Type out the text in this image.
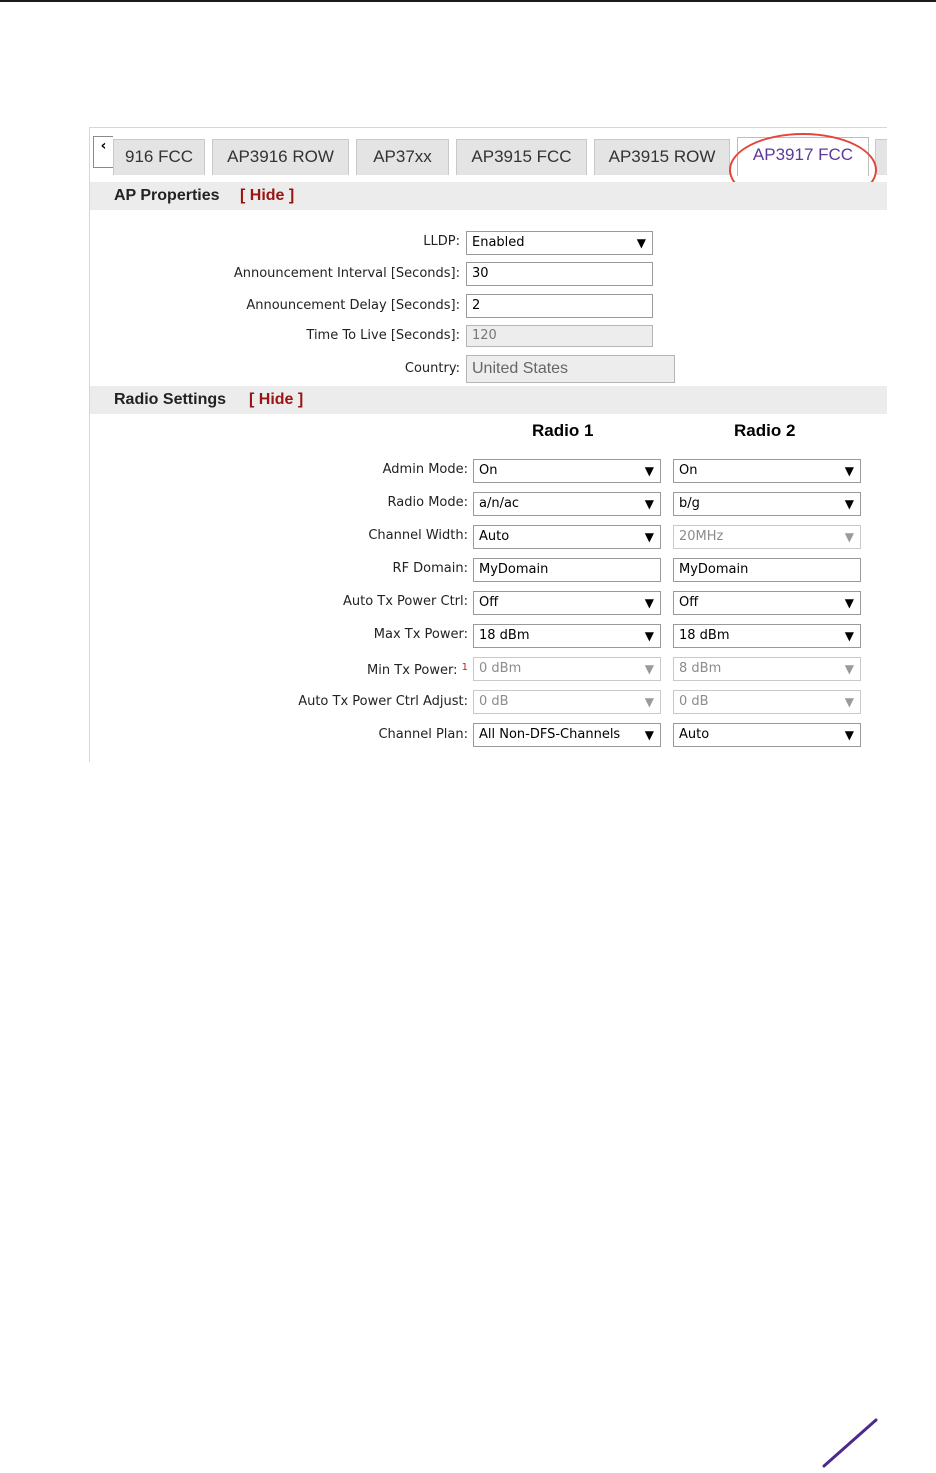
‹
916 FCC	AP3916 ROW	AP37xx	AP3915 FCC	AP3915 ROW	AP3917 FCC
AP Properties [ Hide ]
LLDP: Enabled	▼
Announcement Interval [Seconds]: 30
Announcement Delay [Seconds]: 2
Time To Live [Seconds]: 120
Country: United States
Radio Settings [ Hide ]
Radio 1	Radio 2
Admin Mode: On	▼ On	▼
Radio Mode: a/n/ac	▼ b/g	▼
Channel Width: Auto	▼ 20MHz	▼
RF Domain: MyDomain	MyDomain
Auto Tx Power Ctrl: Off	▼ Off	▼
Max Tx Power: 18 dBm	▼ 18 dBm	▼
Min Tx Power: $^1$ 0 dBm	▼ 8 dBm	▼
Auto Tx Power Ctrl Adjust: 0 dB	▼ 0 dB	▼
Channel Plan: All Non-DFS-Channels	▼ Auto	▼
